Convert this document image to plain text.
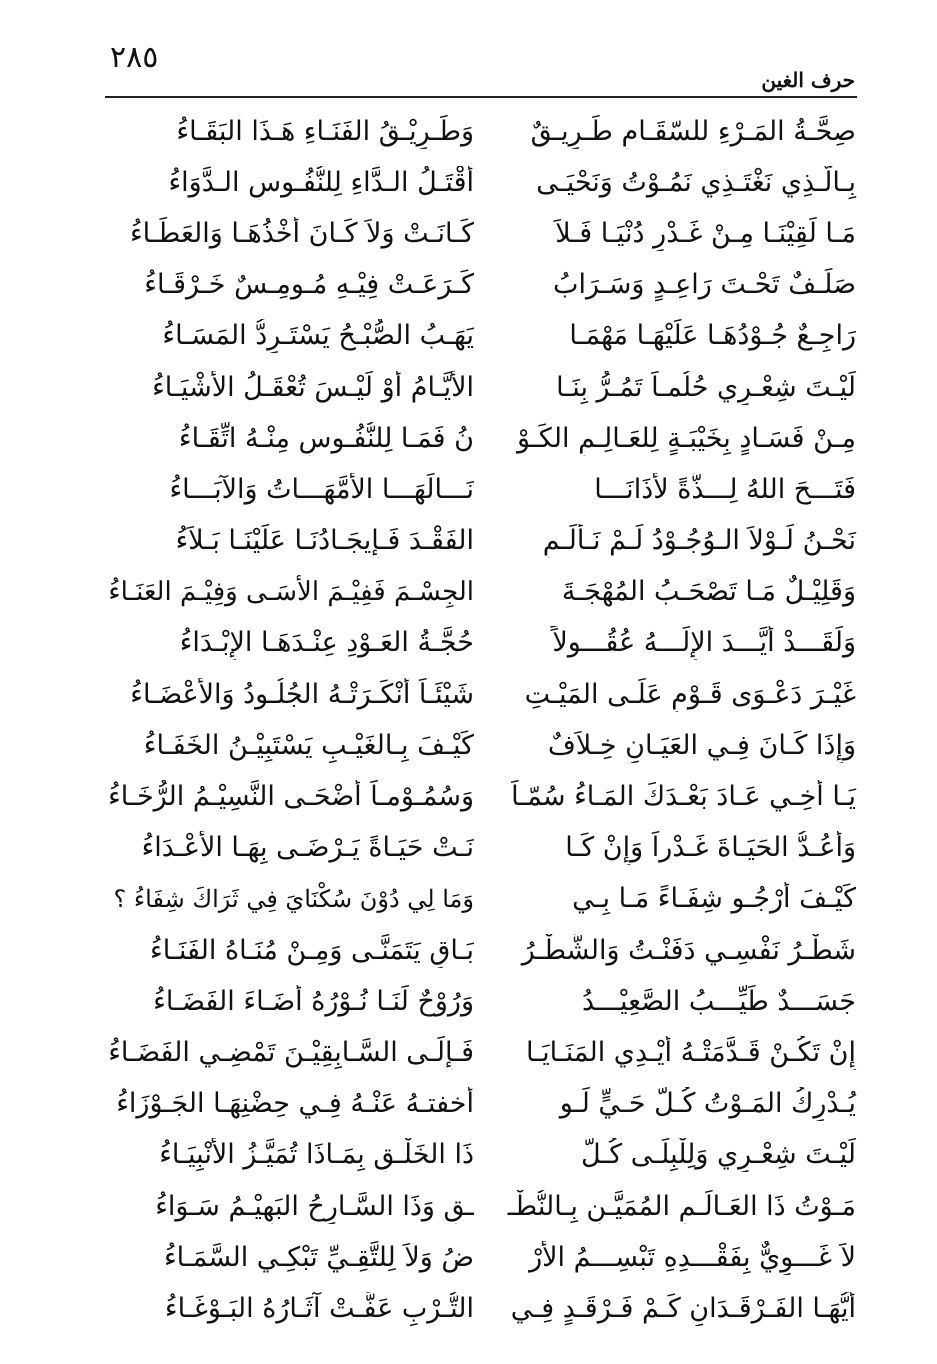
٢٨٥
حرف الغين
صِحَّـةُ المَـرْءِ للسّقَـامِ طَـرِيـقٌ
وَطَـرِيْـقُ الفَنَـاءِ هَـذَا البَقَـاءُ
بِـالَّـذِي نَغْتَـذِي نَمُـوْتُ وَنَحْيَـى
أَقْتَـلُ الـدَّاءِ لِلنُّفُـوسِ الـدَّوَاءُ
مَـا لَقِيْنَـا مِـنْ غَـدْرِ دُنْيَـا فَـلاَ
كَـانَـتْ وَلاَ كَـانَ أَخْذُهَـا وَالعَطَـاءُ
صَلَـفٌ تَحْـتَ رَاعِـدٍ وَسَـرَابُ
كَـرَعَـتْ فِيْـهِ مُـومِـسٌ خَـرْقَـاءُ
رَاجِـعٌ جُـوْدُهَـا عَلَيْهَـا مَهْمَـا
يَهَـبُ الصُّبْـحُ يَسْتَـرِدُّ المَسَـاءُ
لَيْـتَ شِعْـرِي حُلُمـاً تَمُـرُّ بِنَـا
الأَيَّـامُ أَوْ لَيْـسَ تُعْقَـلُ الأَشْيَـاءُ
مِـنْ فَسَـادٍ بِخَيْبَـةٍ لِلعَـالِـمِ الكَـوْ
نُ فَمَـا لِلنُّفُـوسِ مِنْـهُ اتِّقَـاءُ
فَتَـــحَ اللهُ لِـــذَّةً لأَذَانَـــا
نَـــالَهَـــا الأُمَّهَـــاتُ وَالآبَـــاءُ
نَحْـنُ لَـوْلاَ الـوُجُـوْدُ لَـمْ نَـأْلَـمِ
الفَقْـدَ فَـإِيجَـادُنَـا عَلَيْنَـا بَـلاَءُ
وَقَلِيْـلٌ مَـا تَصْحَـبُ المُهْجَـةَ
الجِسْـمَ فَفِيْـمَ الأَسَـى وَفِيْـمَ العَنَـاءُ
وَلَقَـــدْ أَيَّـــدَ الإِلَـــهُ عُقُـــولاً
حُجَّـةُ العَـوْدِ عِنْـدَهَـا الإِبْـدَاءُ
غَيْـرَ دَعْـوَى قَـوْمٍ عَلَـى المَيْـتِ
شَيْئَـاً أَنْكَـرَتْـهُ الجُلُـودُ وَالأَعْضَـاءُ
وَإِذَا كَـانَ فِـي العَيَـانِ خِـلاَفٌ
كَيْـفَ بِـالغَيْـبِ يَسْتَبِيْـنُ الخَفَـاءُ
يَـا أَخِـي عَـادَ بَعْـدَكَ المَـاءُ سُمّـاً
وَسُمُـوْمـاً أَضْحَـى النَّسِيْـمُ الرُّخَـاءُ
وَأَعُـدُّ الحَيَـاةَ غَـدْراً وَإِنْ كَـا
نَـتْ حَيَـاةً يَـرْضَـى بِهَـا الأَعْـدَاءُ
كَيْـفَ أَرْجُـو شِفَـاءً مَـا بِـي
وَمَا لِي دُوْنَ سُكْنَايَ فِي ثَرَاكَ شِفَاءُ ؟
شَطْـرُ نَفْسِـي دَفَنْـتُ وَالشَّطْـرُ
بَـاقٍ يَتَمَنَّـى وَمِـنْ مُنَـاهُ الفَنَـاءُ
جَسَـــدٌ طَيِّـــبُ الصَّعِيْـــدُ
وَرُوْحٌ لَنَـا نُـوْرُهُ أَضَـاءَ الفَضَـاءُ
إِنْ تَكُـنْ قَـدَّمَتْـهُ أَيْـدِي المَنَـايَـا
فَـإِلَـى السَّـابِقِيْـنَ تَمْضِـي الفَضَـاءُ
يُـدْرِكُ المَـوْتُ كُـلَّ حَـيٍّ لَـو
أَخفتـهُ عَنْـهُ فِـي حِضْنِهَـا الجَـوْزَاءُ
لَيْـتَ شِعْـرِي وَلِلْبِلَـى كُـلُّ
ذَا الخَلْـقِ بِمَـاذَا تُمَيَّـزُ الأَنْبِيَـاءُ
مَـوْتُ ذَا العَـالَـمِ المُمَيَّـنِ بِـالنُّطْـ
ـقِ وَذَا السَّـارِحُ البَهِيْـمُ سَـوَاءُ
لاَ غَـــوِيٌّ بِفَقْـــدِهِ تَبْسِـــمُ الأَرْ
ضُ وَلاَ لِلتَّقِـيِّ تَبْكِـي السَّمَـاءُ
أَيُّهَـا الفَـرْقَـدَانِ كَـمْ فَـرْقَـدٍ فِـي
التُّـرْبِ عَفَّـتْ آثَـارُهُ البَـوْغَـاءُ
